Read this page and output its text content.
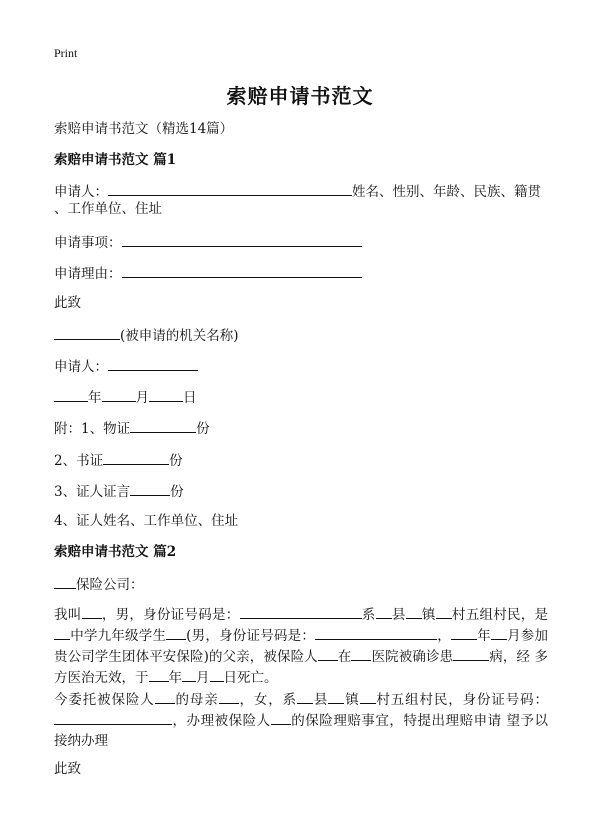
Print
索赔申请书范文
索赔申请书范文（精选14篇）
索赔申请书范文 篇1
申请人：	姓名、性别、年龄、民族、籍贯
、工作单位、住址
申请事项：
申请理由：
此致
(被申请的机关名称)
申请人：
年	月	日
附：1、物证	份
2、书证	份
3、证人证言	份
4、证人姓名、工作单位、住址
索赔申请书范文 篇2
保险公司：
我叫 ，男，身份证号码是：	系 县 镇 村五组村民，是 中学九年级学生 (男，身份证号码是：	， 年 月参加 贵公司学生团体平安保险)的父亲，被保险人 在 医院被确诊患	病，经 多方医治无效，于 年 月 日死亡。
今委托被保险人 的母亲 ，女，系 县 镇 村五组村民，身份证号码： ，办理被保险人 的保险理赔事宜，特提出理赔申请 望予以 接纳办理
此致
